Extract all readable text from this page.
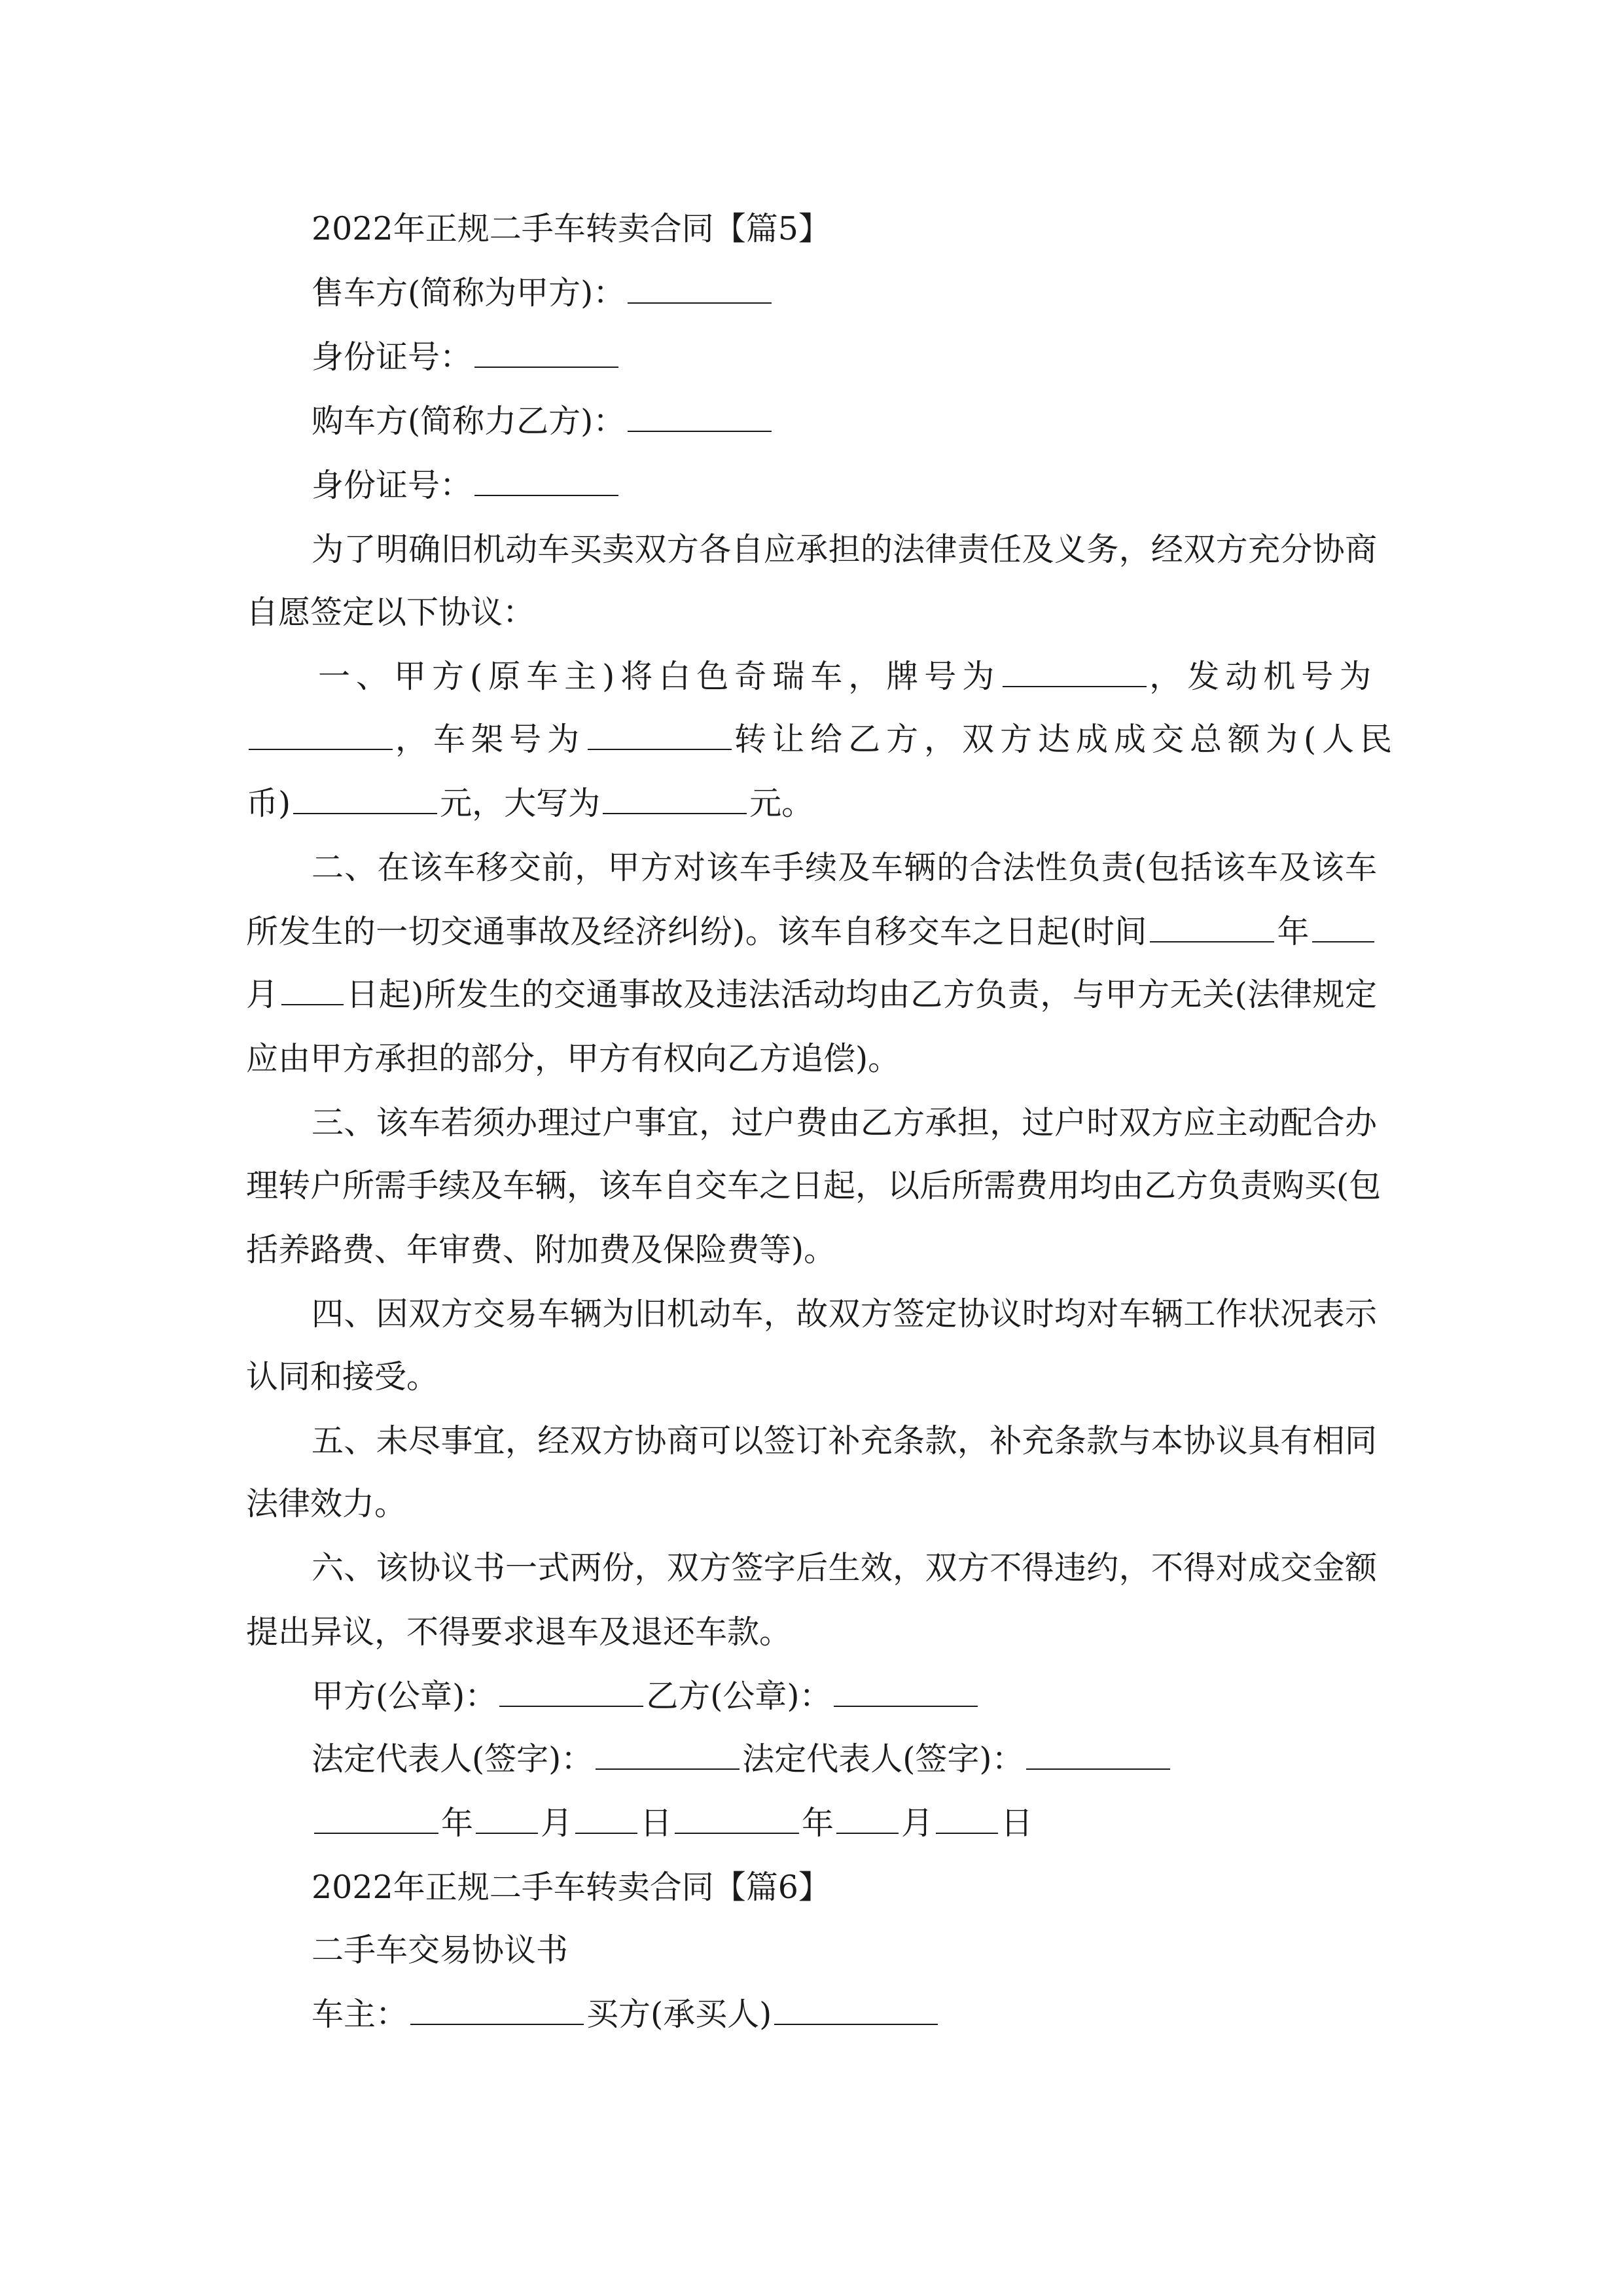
2022年正规二手车转卖合同【篇5】
售车方(简称为甲方)：
身份证号：
购车方(简称力乙方)：
身份证号：
为了明确旧机动车买卖双方各自应承担的法律责任及义务，经双方充分协商
自愿签定以下协议：
一、甲方(原车主)将白色奇瑞车，牌号为	，发动机号为
，车架号为	转让给乙方，双方达成成交总额为(人民
币)	元，大写为	元。
二、在该车移交前，甲方对该车手续及车辆的合法性负责(包括该车及该车
所发生的一切交通事故及经济纠纷)。该车自移交车之日起(时间	年
月 日起)所发生的交通事故及违法活动均由乙方负责，与甲方无关(法律规定
应由甲方承担的部分，甲方有权向乙方追偿)。
三、该车若须办理过户事宜，过户费由乙方承担，过户时双方应主动配合办
理转户所需手续及车辆，该车自交车之日起，以后所需费用均由乙方负责购买(包
括养路费、年审费、附加费及保险费等)。
四、因双方交易车辆为旧机动车，故双方签定协议时均对车辆工作状况表示
认同和接受。
五、未尽事宜，经双方协商可以签订补充条款，补充条款与本协议具有相同
法律效力。
六、该协议书一式两份，双方签字后生效，双方不得违约，不得对成交金额
提出异议，不得要求退车及退还车款。
甲方(公章)：	乙方(公章)：
法定代表人(签字)：	法定代表人(签字)：
年 月 日	年 月 日
2022年正规二手车转卖合同【篇6】
二手车交易协议书
车主：	买方(承买人)
